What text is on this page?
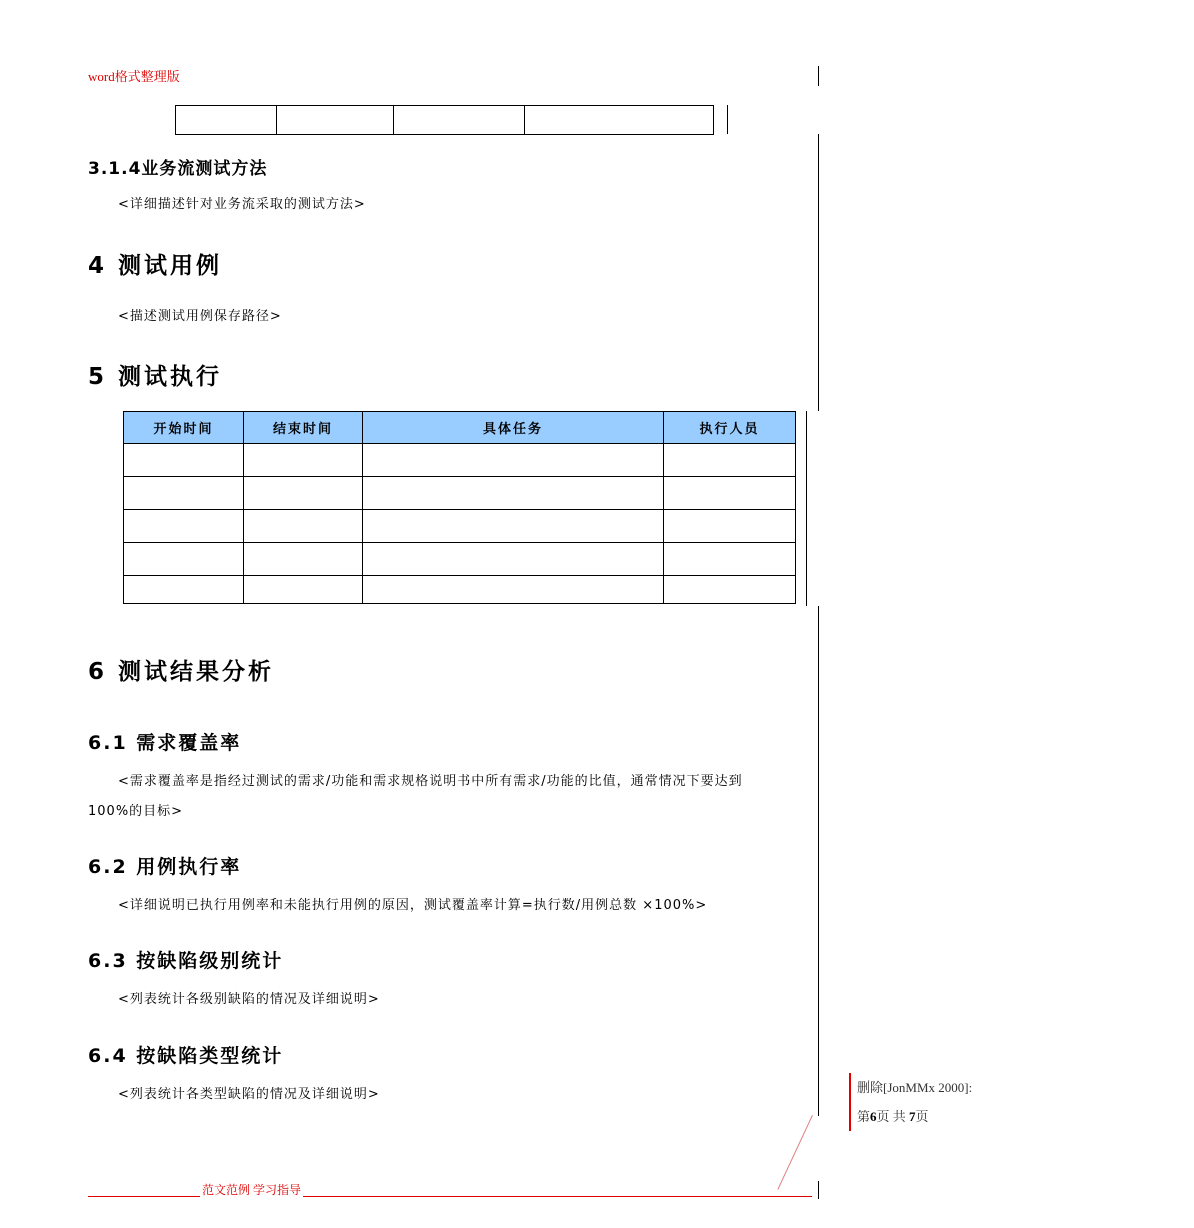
word格式整理版

3.1.4业务流测试方法
<详细描述针对业务流采取的测试方法>
4 测试用例
<描述测试用例保存路径>
5 测试执行
开始时间	结束时间	具体任务	执行人员

6 测试结果分析
6.1 需求覆盖率
<需求覆盖率是指经过测试的需求/功能和需求规格说明书中所有需求/功能的比值，通常情况下要达到
100%的目标>
6.2 用例执行率
<详细说明已执行用例率和未能执行用例的原因，测试覆盖率计算=执行数/用例总数 ×100%>
6.3 按缺陷级别统计
<列表统计各级别缺陷的情况及详细说明>
6.4 按缺陷类型统计
<列表统计各类型缺陷的情况及详细说明>	删除[JonMMx 2000]:
第6页 共 7页
范文范例 学习指导
